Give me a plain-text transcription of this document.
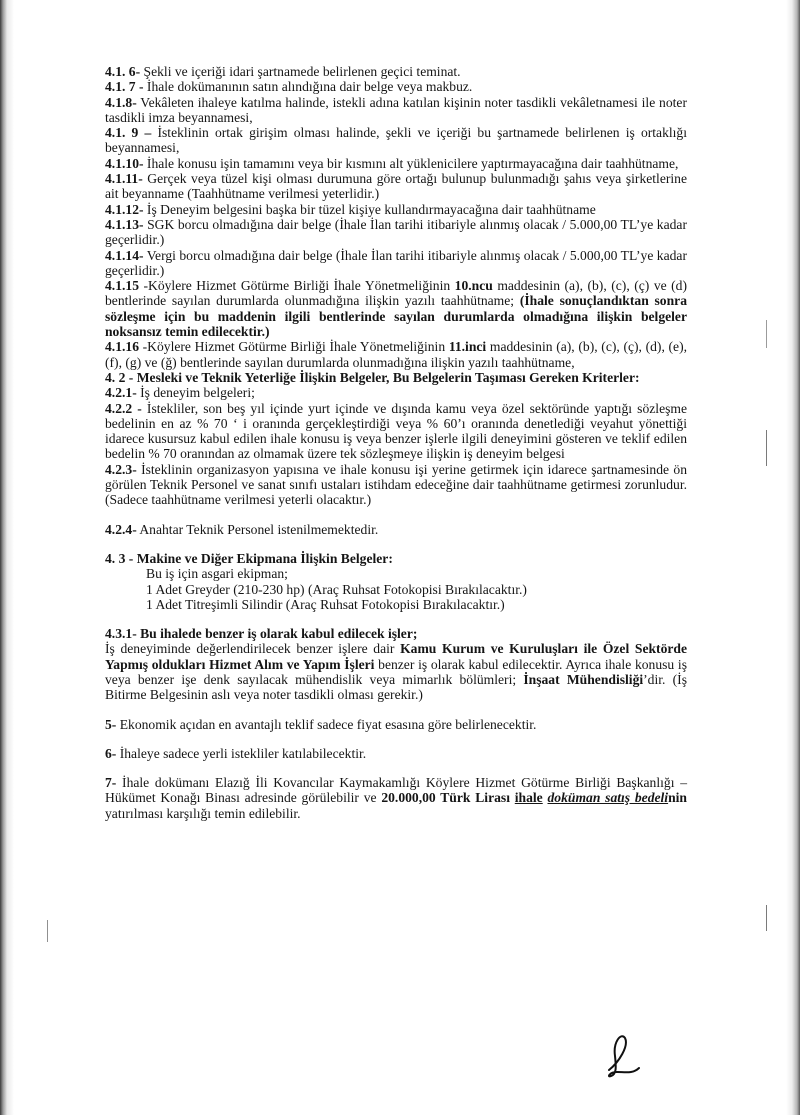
4.1. 6- Şekli ve içeriği idari şartnamede belirlenen geçici teminat.

4.1. 7 - İhale dokümanının satın alındığına dair belge veya makbuz.

4.1.8- Vekâleten ihaleye katılma halinde, istekli adına katılan kişinin noter tasdikli vekâletnamesi ile noter tasdikli imza beyannamesi,

4.1. 9 – İsteklinin ortak girişim olması halinde, şekli ve içeriği bu şartnamede belirlenen iş ortaklığı beyannamesi,

4.1.10- İhale konusu işin tamamını veya bir kısmını alt yüklenicilere yaptırmayacağına dair taahhütname,

4.1.11- Gerçek veya tüzel kişi olması durumuna göre ortağı bulunup bulunmadığı şahıs veya şirketlerine ait beyanname (Taahhütname verilmesi yeterlidir.)

4.1.12- İş Deneyim belgesini başka bir tüzel kişiye kullandırmayacağına dair taahhütname

4.1.13- SGK borcu olmadığına dair belge (İhale İlan tarihi itibariyle alınmış olacak / 5.000,00 TL’ye kadar geçerlidir.)

4.1.14- Vergi borcu olmadığına dair belge (İhale İlan tarihi itibariyle alınmış olacak / 5.000,00 TL’ye kadar geçerlidir.)

4.1.15 -Köylere Hizmet Götürme Birliği İhale Yönetmeliğinin 10.ncu maddesinin (a), (b), (c), (ç) ve (d) bentlerinde sayılan durumlarda olunmadığına ilişkin yazılı taahhütname; (İhale sonuçlandıktan sonra sözleşme için bu maddenin ilgili bentlerinde sayılan durumlarda olmadığına ilişkin belgeler noksansız temin edilecektir.)

4.1.16 -Köylere Hizmet Götürme Birliği İhale Yönetmeliğinin 11.inci maddesinin (a), (b), (c), (ç), (d), (e), (f), (g) ve (ğ) bentlerinde sayılan durumlarda olunmadığına ilişkin yazılı taahhütname,

4. 2 - Mesleki ve Teknik Yeterliğe İlişkin Belgeler, Bu Belgelerin Taşıması Gereken Kriterler:

4.2.1- İş deneyim belgeleri;

4.2.2 - İstekliler, son beş yıl içinde yurt içinde ve dışında kamu veya özel sektöründe yaptığı sözleşme bedelinin en az % 70 ‘ i oranında gerçekleştirdiği veya % 60’ı oranında denetlediği veyahut yönettiği idarece kusursuz kabul edilen ihale konusu iş veya benzer işlerle ilgili deneyimini gösteren ve teklif edilen bedelin % 70 oranından az olmamak üzere tek sözleşmeye ilişkin iş deneyim belgesi

4.2.3- İsteklinin organizasyon yapısına ve ihale konusu işi yerine getirmek için idarece şartnamesinde ön görülen Teknik Personel ve sanat sınıfı ustaları istihdam edeceğine dair taahhütname getirmesi zorunludur. (Sadece taahhütname verilmesi yeterli olacaktır.)

4.2.4- Anahtar Teknik Personel istenilmemektedir.

4. 3 - Makine ve Diğer Ekipmana İlişkin Belgeler:

Bu iş için asgari ekipman;

1 Adet Greyder (210-230 hp) (Araç Ruhsat Fotokopisi Bırakılacaktır.)

1 Adet Titreşimli Silindir (Araç Ruhsat Fotokopisi Bırakılacaktır.)

4.3.1- Bu ihalede benzer iş olarak kabul edilecek işler;

İş deneyiminde değerlendirilecek benzer işlere dair Kamu Kurum ve Kuruluşları ile Özel Sektörde Yapmış oldukları Hizmet Alım ve Yapım İşleri benzer iş olarak kabul edilecektir. Ayrıca ihale konusu iş veya benzer işe denk sayılacak mühendislik veya mimarlık bölümleri; İnşaat Mühendisliği’dir. (İş Bitirme Belgesinin aslı veya noter tasdikli olması gerekir.)

5- Ekonomik açıdan en avantajlı teklif sadece fiyat esasına göre belirlenecektir.

6- İhaleye sadece yerli istekliler katılabilecektir.

7- İhale dokümanı Elazığ İli Kovancılar Kaymakamlığı Köylere Hizmet Götürme Birliği Başkanlığı – Hükümet Konağı Binası adresinde görülebilir ve 20.000,00 Türk Lirası ihale doküman satış bedelinin yatırılması karşılığı temin edilebilir.
